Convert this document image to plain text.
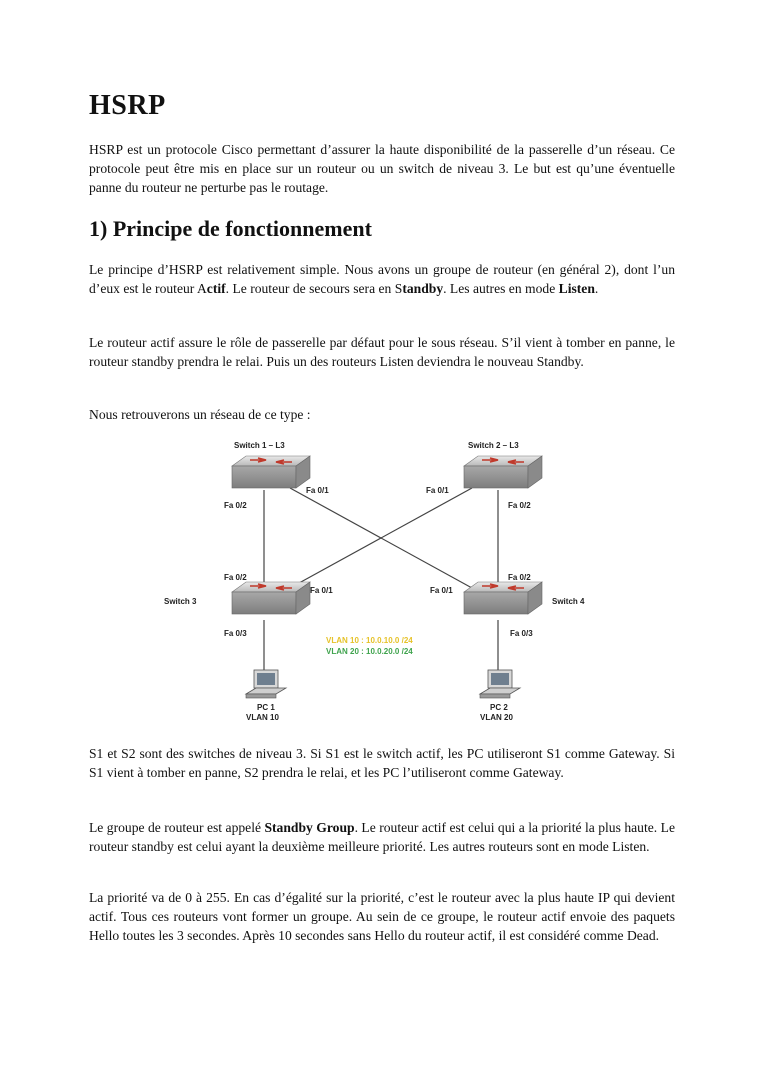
HSRP

HSRP est un protocole Cisco permettant d’assurer la haute disponibilité de la passerelle d’un réseau. Ce protocole peut être mis en place sur un routeur ou un switch de niveau 3. Le but est qu’une éventuelle panne du routeur ne perturbe pas le routage.

1) Principe de fonctionnement

Le principe d’HSRP est relativement simple. Nous avons un groupe de routeur (en général 2), dont l’un d’eux est le routeur Actif. Le routeur de secours sera en Standby. Les autres en mode Listen.

Le routeur actif assure le rôle de passerelle par défaut pour le sous réseau. S’il vient à tomber en panne, le routeur standby prendra le relai. Puis un des routeurs Listen deviendra le nouveau Standby.

Nous retrouverons un réseau de ce type :

Switch 1 – L3	Switch 2 – L3
Switch 3	Switch 4
Fa 0/1
Fa 0/2
Fa 0/1
Fa 0/2
Fa 0/2
Fa 0/1
Fa 0/3
Fa 0/2
Fa 0/1
Fa 0/3
VLAN 10 : 10.0.10.0 /24
VLAN 20 : 10.0.20.0 /24
PC 1
VLAN 10
PC 2
VLAN 20

S1 et S2 sont des switches de niveau 3. Si S1 est le switch actif, les PC utiliseront S1 comme Gateway. Si S1 vient à tomber en panne, S2 prendra le relai, et les PC l’utiliseront comme Gateway.

Le groupe de routeur est appelé Standby Group. Le routeur actif est celui qui a la priorité la plus haute. Le routeur standby est celui ayant la deuxième meilleure priorité. Les autres routeurs sont en mode Listen.

La priorité va de 0 à 255. En cas d’égalité sur la priorité, c’est le routeur avec la plus haute IP qui devient actif. Tous ces routeurs vont former un groupe. Au sein de ce groupe, le routeur actif envoie des paquets Hello toutes les 3 secondes. Après 10 secondes sans Hello du routeur actif, il est considéré comme Dead.
